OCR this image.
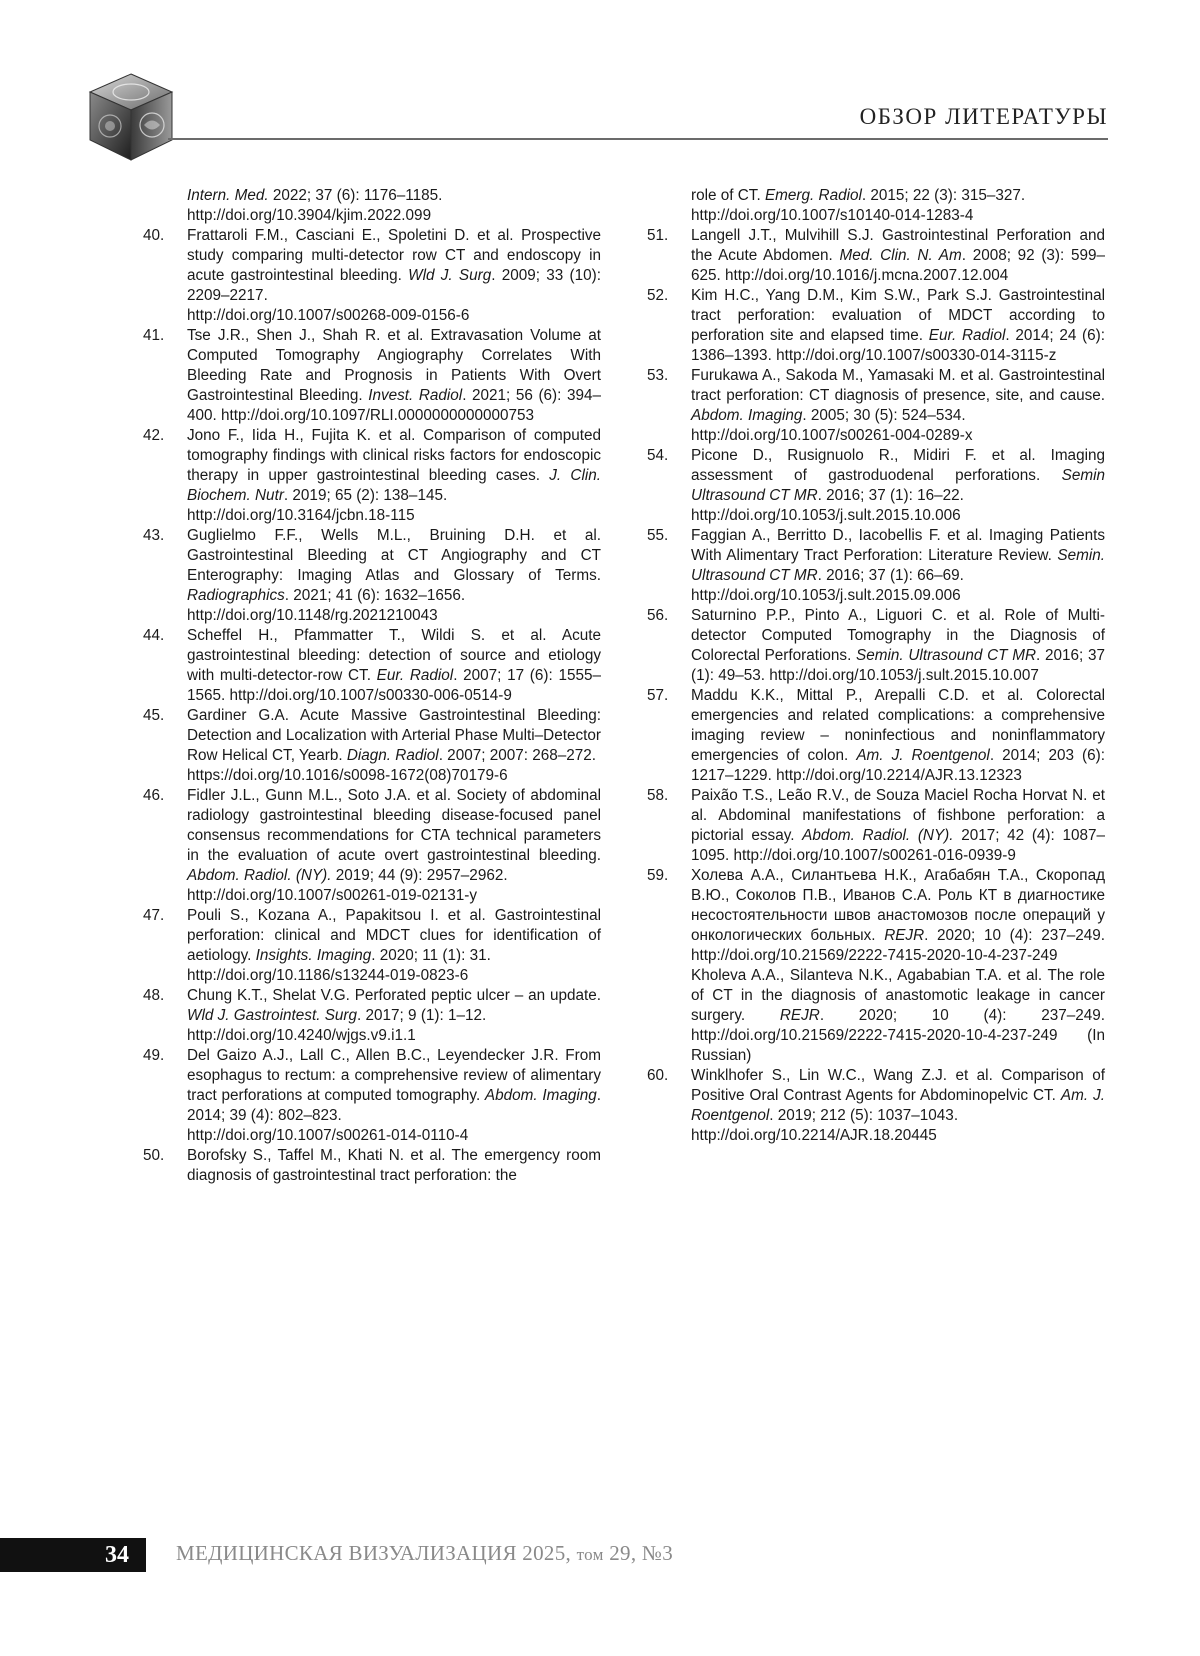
ОБЗОР ЛИТЕРАТУРЫ
Intern. Med. 2022; 37 (6): 1176–1185.
http://doi.org/10.3904/kjim.2022.099
40.	Frattaroli F.M., Casciani E., Spoletini D. et al. Prospective study comparing multi-detector row CT and endoscopy in acute gastrointestinal bleeding. Wld J. Surg. 2009; 33 (10): 2209–2217.
http://doi.org/10.1007/s00268-009-0156-6
41.	Tse J.R., Shen J., Shah R. et al. Extravasation Volume at Computed Tomography Angiography Correlates With Bleeding Rate and Prognosis in Patients With Overt Gastrointestinal Bleeding. Invest. Radiol. 2021; 56 (6): 394–400. http://doi.org/10.1097/RLI.0000000000000753
42.	Jono F., Iida H., Fujita K. et al. Comparison of computed tomography findings with clinical risks factors for endoscopic therapy in upper gastrointestinal bleeding cases. J. Clin. Biochem. Nutr. 2019; 65 (2): 138–145.
http://doi.org/10.3164/jcbn.18-115
43.	Guglielmo F.F., Wells M.L., Bruining D.H. et al. Gastrointestinal Bleeding at CT Angiography and CT Enterography: Imaging Atlas and Glossary of Terms. Radiographics. 2021; 41 (6): 1632–1656.
http://doi.org/10.1148/rg.2021210043
44.	Scheffel H., Pfammatter T., Wildi S. et al. Acute gastrointestinal bleeding: detection of source and etiology with multi-detector-row CT. Eur. Radiol. 2007; 17 (6): 1555–1565. http://doi.org/10.1007/s00330-006-0514-9
45.	Gardiner G.A. Acute Massive Gastrointestinal Bleeding: Detection and Localization with Arterial Phase Multi–Detector Row Helical CT, Yearb. Diagn. Radiol. 2007; 2007: 268–272.
https://doi.org/10.1016/s0098-1672(08)70179-6
46.	Fidler J.L., Gunn M.L., Soto J.A. et al. Society of abdominal radiology gastrointestinal bleeding disease-focused panel consensus recommendations for CTA technical parameters in the evaluation of acute overt gastrointestinal bleeding. Abdom. Radiol. (NY). 2019; 44 (9): 2957–2962.
http://doi.org/10.1007/s00261-019-02131-y
47.	Pouli S., Kozana A., Papakitsou I. et al. Gastrointestinal perforation: clinical and MDCT clues for identification of aetiology. Insights. Imaging. 2020; 11 (1): 31.
http://doi.org/10.1186/s13244-019-0823-6
48.	Chung K.T., Shelat V.G. Perforated peptic ulcer – an update. Wld J. Gastrointest. Surg. 2017; 9 (1): 1–12.
http://doi.org/10.4240/wjgs.v9.i1.1
49.	Del Gaizo A.J., Lall C., Allen B.C., Leyendecker J.R. From esophagus to rectum: a comprehensive review of alimentary tract perforations at computed tomography. Abdom. Imaging. 2014; 39 (4): 802–823.
http://doi.org/10.1007/s00261-014-0110-4
50.	Borofsky S., Taffel M., Khati N. et al. The emergency room diagnosis of gastrointestinal tract perforation: the
role of CT. Emerg. Radiol. 2015; 22 (3): 315–327.
http://doi.org/10.1007/s10140-014-1283-4
51.	Langell J.T., Mulvihill S.J. Gastrointestinal Perforation and the Acute Abdomen. Med. Clin. N. Am. 2008; 92 (3): 599–625. http://doi.org/10.1016/j.mcna.2007.12.004
52.	Kim H.C., Yang D.M., Kim S.W., Park S.J. Gastrointestinal tract perforation: evaluation of MDCT according to perforation site and elapsed time. Eur. Radiol. 2014; 24 (6): 1386–1393. http://doi.org/10.1007/s00330-014-3115-z
53.	Furukawa A., Sakoda M., Yamasaki M. et al. Gastrointestinal tract perforation: CT diagnosis of presence, site, and cause. Abdom. Imaging. 2005; 30 (5): 524–534.
http://doi.org/10.1007/s00261-004-0289-x
54.	Picone D., Rusignuolo R., Midiri F. et al. Imaging assessment of gastroduodenal perforations. Semin Ultrasound CT MR. 2016; 37 (1): 16–22.
http://doi.org/10.1053/j.sult.2015.10.006
55.	Faggian A., Berritto D., Iacobellis F. et al. Imaging Patients With Alimentary Tract Perforation: Literature Review. Semin. Ultrasound CT MR. 2016; 37 (1): 66–69.
http://doi.org/10.1053/j.sult.2015.09.006
56.	Saturnino P.P., Pinto A., Liguori C. et al. Role of Multi-detector Computed Tomography in the Diagnosis of Colorectal Perforations. Semin. Ultrasound CT MR. 2016; 37 (1): 49–53. http://doi.org/10.1053/j.sult.2015.10.007
57.	Maddu K.K., Mittal P., Arepalli C.D. et al. Colorectal emergencies and related complications: a comprehensive imaging review – noninfectious and noninflammatory emergencies of colon. Am. J. Roentgenol. 2014; 203 (6): 1217–1229. http://doi.org/10.2214/AJR.13.12323
58.	Paixão T.S., Leão R.V., de Souza Maciel Rocha Horvat N. et al. Abdominal manifestations of fishbone perforation: a pictorial essay. Abdom. Radiol. (NY). 2017; 42 (4): 1087–1095. http://doi.org/10.1007/s00261-016-0939-9
59.	Холева А.А., Силантьева Н.К., Агабабян Т.А., Скоропад В.Ю., Соколов П.В., Иванов С.А. Роль КТ в диагностике несостоятельности швов анастомозов после операций у онкологических больных. REJR. 2020; 10 (4): 237–249. http://doi.org/10.21569/2222-7415-2020-10-4-237-249
Kholeva A.A., Silanteva N.K., Agababian T.A. et al. The role of CT in the diagnosis of anastomotic leakage in cancer surgery. REJR. 2020; 10 (4): 237–249. http://doi.org/10.21569/2222-7415-2020-10-4-237-249 (In Russian)
60.	Winklhofer S., Lin W.C., Wang Z.J. et al. Comparison of Positive Oral Contrast Agents for Abdominopelvic CT. Am. J. Roentgenol. 2019; 212 (5): 1037–1043.
http://doi.org/10.2214/AJR.18.20445
34	МЕДИЦИНСКАЯ ВИЗУАЛИЗАЦИЯ 2025, том 29, №3
